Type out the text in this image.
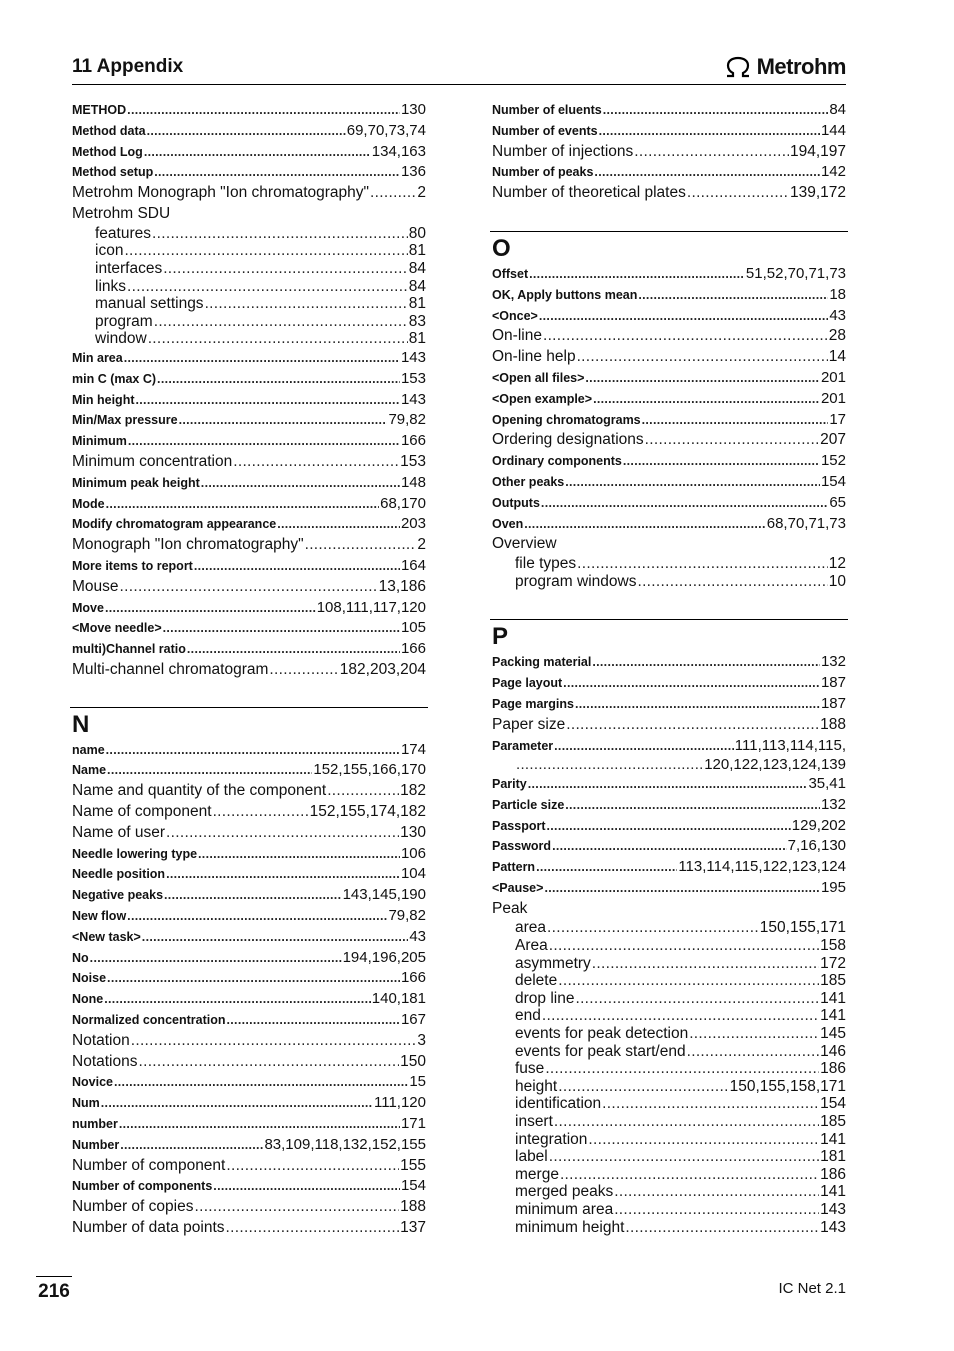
11 Appendix	Metrohm
METHOD .....	130
Method data .....	69,70,73,74
Method Log .....	134,163
Method setup .....	136
Metrohm Monograph "Ion chromatography" .....	2
Metrohm SDU
features .....	80
icon .....	81
interfaces .....	84
links .....	84
manual settings .....	81
program .....	83
window .....	81
Min area .....	143
min C (max C) .....	153
Min height .....	143
Min/Max pressure .....	79,82
Minimum .....	166
Minimum concentration .....	153
Minimum peak height .....	148
Mode .....	68,170
Modify chromatogram appearance .....	203
Monograph "Ion chromatography" .....	2
More items to report .....	164
Mouse .....	13,186
Move .....	108,111,117,120
<Move needle> .....	105
multi)Channel ratio .....	166
Multi-channel chromatogram .....	182,203,204
N
name .....	174
Name .....	152,155,166,170
Name and quantity of the component .....	182
Name of component .....	152,155,174,182
Name of user .....	130
Needle lowering type .....	106
Needle position .....	104
Negative peaks .....	143,145,190
New flow .....	79,82
<New task> .....	43
No .....	194,196,205
Noise .....	166
None .....	140,181
Normalized concentration .....	167
Notation .....	3
Notations .....	150
Novice .....	15
Num .....	111,120
number .....	171
Number .....	83,109,118,132,152,155
Number of component .....	155
Number of components .....	154
Number of copies .....	188
Number of data points .....	137
Number of eluents .....	84
Number of events .....	144
Number of injections .....	194,197
Number of peaks .....	142
Number of theoretical plates .....	139,172
O
Offset .....	51,52,70,71,73
OK, Apply buttons mean .....	18
<Once> .....	43
On-line .....	28
On-line help .....	14
<Open all files> .....	201
<Open example> .....	201
Opening chromatograms .....	17
Ordering designations .....	207
Ordinary components .....	152
Other peaks .....	154
Outputs .....	65
Oven .....	68,70,71,73
Overview
file types .....	12
program windows .....	10
P
Packing material .....	132
Page layout .....	187
Page margins .....	187
Paper size .....	188
Parameter .....	111,113,114,115,
.....
120,122,123,124,139
Parity .....	35,41
Particle size .....	132
Passport .....	129,202
Password .....	7,16,130
Pattern .....	113,114,115,122,123,124
<Pause> .....	195
Peak
area .....	150,155,171
Area .....	158
asymmetry .....	172
delete .....	185
drop line .....	141
end .....	141
events for peak detection .....	145
events for peak start/end .....	146
fuse .....	186
height .....	150,155,158,171
identification .....	154
insert .....	185
integration .....	141
label .....	181
merge .....	186
merged peaks .....	141
minimum area .....	143
minimum height .....	143
216	IC Net 2.1
